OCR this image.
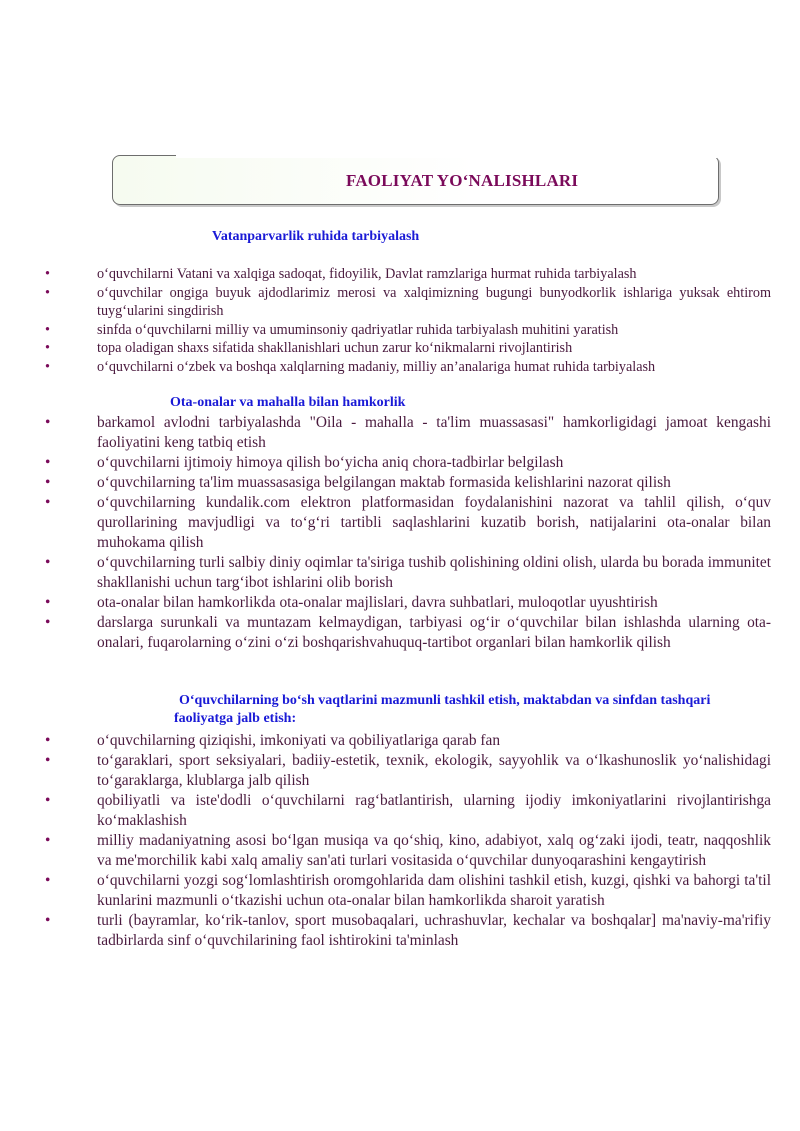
FAOLIYAT YO‘NALISHLARI
Vatanparvarlik ruhida tarbiyalash
•	o‘quvchilarni Vatani va xalqiga sadoqat, fidoyilik, Davlat ramzlariga hurmat ruhida tarbiyalash
•	o‘quvchilar ongiga buyuk ajdodlarimiz merosi va xalqimizning bugungi bunyodkorlik ishlariga yuksak ehtirom tuyg‘ularini singdirish
•	sinfda o‘quvchilarni milliy va umuminsoniy qadriyatlar ruhida tarbiyalash muhitini yaratish
•	topa oladigan shaxs sifatida shakllanishlari uchun zarur ko‘nikmalarni rivojlantirish
•	o‘quvchilarni o‘zbek va boshqa xalqlarning madaniy, milliy an’analariga humat ruhida tarbiyalash
Ota-onalar va mahalla bilan hamkorlik
•	barkamol avlodni tarbiyalashda "Oila - mahalla - ta'lim muassasasi" hamkorligidagi jamoat kengashi faoliyatini keng tatbiq etish
•	o‘quvchilarni ijtimoiy himoya qilish bo‘yicha aniq chora-tadbirlar belgilash
•	o‘quvchilarning ta'lim muassasasiga belgilangan maktab formasida kelishlarini nazorat qilish
•	o‘quvchilarning kundalik.com elektron platformasidan foydalanishini nazorat va tahlil qilish, o‘quv qurollarining mavjudligi va to‘g‘ri tartibli saqlashlarini kuzatib borish, natijalarini ota-onalar bilan muhokama qilish
•	o‘quvchilarning turli salbiy diniy oqimlar ta'siriga tushib qolishining oldini olish, ularda bu borada immunitet shakllanishi uchun targ‘ibot ishlarini olib borish
•	ota-onalar bilan hamkorlikda ota-onalar majlislari, davra suhbatlari, muloqotlar uyushtirish
•	darslarga surunkali va muntazam kelmaydigan, tarbiyasi og‘ir o‘quvchilar bilan ishlashda ularning ota-onalari, fuqarolarning o‘zini o‘zi boshqarishvahuquq-tartibot organlari bilan hamkorlik qilish
O‘quvchilarning bo‘sh vaqtlarini mazmunli tashkil etish, maktabdan va sinfdan tashqari faoliyatga jalb etish:
•	o‘quvchilarning qiziqishi, imkoniyati va qobiliyatlariga qarab fan
•	to‘garaklari, sport seksiyalari, badiiy-estetik, texnik, ekologik, sayyohlik va o‘lkashunoslik yo‘nalishidagi to‘garaklarga, klublarga jalb qilish
•	qobiliyatli va iste'dodli o‘quvchilarni rag‘batlantirish, ularning ijodiy imkoniyatlarini rivojlantirishga ko‘maklashish
•	milliy madaniyatning asosi bo‘lgan musiqa va qo‘shiq, kino, adabiyot, xalq og‘zaki ijodi, teatr, naqqoshlik va me'morchilik kabi xalq amaliy san'ati turlari vositasida o‘quvchilar dunyoqarashini kengaytirish
•	o‘quvchilarni yozgi sog‘lomlashtirish oromgohlarida dam olishini tashkil etish, kuzgi, qishki va bahorgi ta'til kunlarini mazmunli o‘tkazishi uchun ota-onalar bilan hamkorlikda sharoit yaratish
•	turli (bayramlar, ko‘rik-tanlov, sport musobaqalari, uchrashuvlar, kechalar va boshqalar] ma'naviy-ma'rifiy tadbirlarda sinf o‘quvchilarining faol ishtirokini ta'minlash
